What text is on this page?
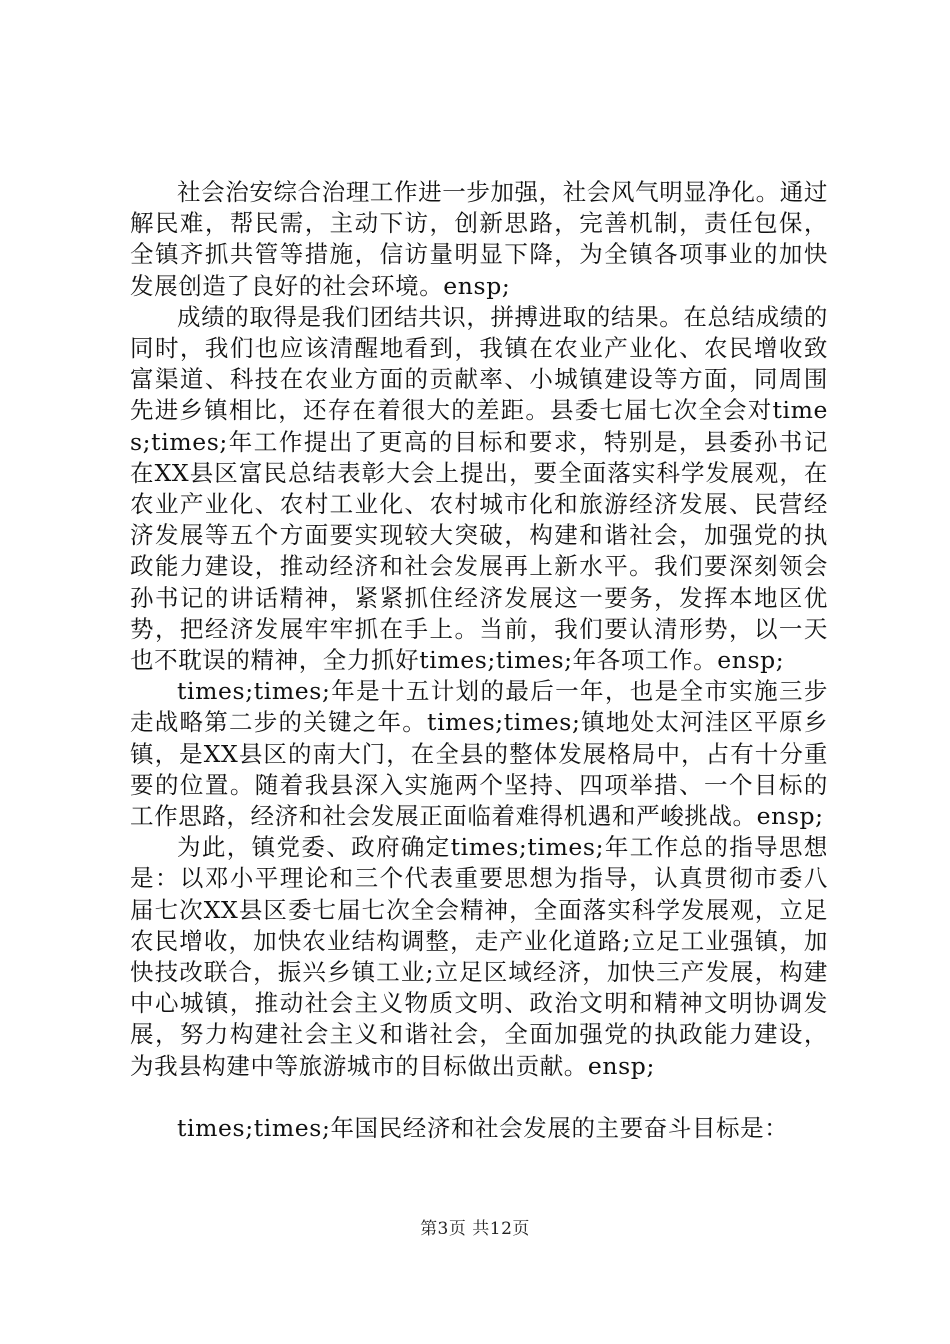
社会治安综合治理工作进一步加强，社会风气明显净化。通过解民难，帮民需，主动下访，创新思路，完善机制，责任包保，全镇齐抓共管等措施，信访量明显下降，为全镇各项事业的加快发展创造了良好的社会环境。ensp;

成绩的取得是我们团结共识，拼搏进取的结果。在总结成绩的同时，我们也应该清醒地看到，我镇在农业产业化、农民增收致富渠道、科技在农业方面的贡献率、小城镇建设等方面，同周围先进乡镇相比，还存在着很大的差距。县委七届七次全会对times;times;年工作提出了更高的目标和要求，特别是，县委孙书记在XX县区富民总结表彰大会上提出，要全面落实科学发展观，在农业产业化、农村工业化、农村城市化和旅游经济发展、民营经济发展等五个方面要实现较大突破，构建和谐社会，加强党的执政能力建设，推动经济和社会发展再上新水平。我们要深刻领会孙书记的讲话精神，紧紧抓住经济发展这一要务，发挥本地区优势，把经济发展牢牢抓在手上。当前，我们要认清形势，以一天也不耽误的精神，全力抓好times;times;年各项工作。ensp;

times;times;年是十五计划的最后一年，也是全市实施三步走战略第二步的关键之年。times;times;镇地处太河洼区平原乡镇，是XX县区的南大门，在全县的整体发展格局中，占有十分重要的位置。随着我县深入实施两个坚持、四项举措、一个目标的工作思路，经济和社会发展正面临着难得机遇和严峻挑战。ensp;

为此，镇党委、政府确定times;times;年工作总的指导思想是：以邓小平理论和三个代表重要思想为指导，认真贯彻市委八届七次XX县区委七届七次全会精神，全面落实科学发展观，立足农民增收，加快农业结构调整，走产业化道路;立足工业强镇，加快技改联合，振兴乡镇工业;立足区域经济，加快三产发展，构建中心城镇，推动社会主义物质文明、政治文明和精神文明协调发展，努力构建社会主义和谐社会，全面加强党的执政能力建设，为我县构建中等旅游城市的目标做出贡献。ensp;

times;times;年国民经济和社会发展的主要奋斗目标是：

第3页 共12页
